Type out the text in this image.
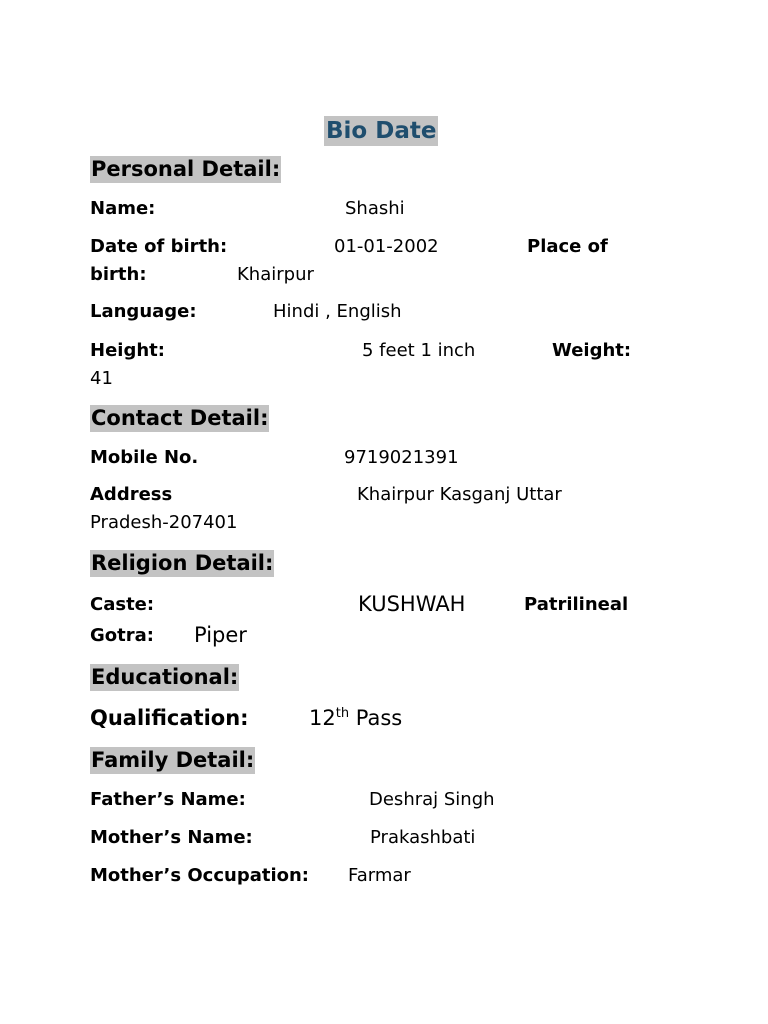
Bio Date
Personal Detail:
Name:	Shashi
Date of birth:	01-01-2002	Place of
birth:	Khairpur
Language:	Hindi , English
Height:	5 feet 1 inch	Weight:
41
Contact Detail:
Mobile No.	9719021391
Address	Khairpur Kasganj Uttar
Pradesh-207401
Religion Detail:
Caste:	KUSHWAH	Patrilineal
Gotra: Piper
Educational:
Qualification:	12th Pass
Family Detail:
Father’s Name:	Deshraj Singh
Mother’s Name:	Prakashbati
Mother’s Occupation: Farmar
